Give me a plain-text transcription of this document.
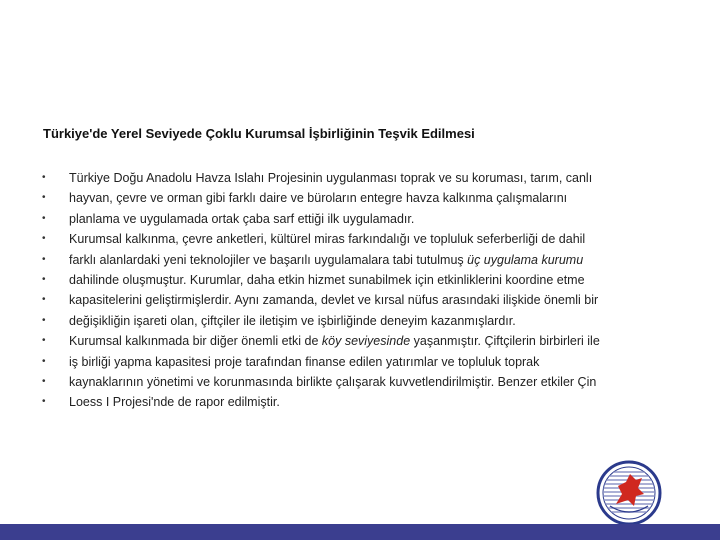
Türkiye'de Yerel Seviyede Çoklu Kurumsal İşbirliğinin Teşvik Edilmesi
•	Türkiye Doğu Anadolu Havza Islahı Projesinin uygulanması toprak ve su koruması, tarım, canlı
•	hayvan, çevre ve orman gibi farklı daire ve büroların entegre havza kalkınma çalışmalarını
•	planlama ve uygulamada ortak çaba sarf ettiği ilk uygulamadır.
•	Kurumsal kalkınma, çevre anketleri, kültürel miras farkındalığı ve topluluk seferberliği de dahil
•	farklı alanlardaki yeni teknolojiler ve başarılı uygulamalara tabi tutulmuş üç uygulama kurumu
•	dahilinde oluşmuştur. Kurumlar, daha etkin hizmet sunabilmek için etkinliklerini koordine etme
•	kapasitelerini geliştirmişlerdir. Aynı zamanda, devlet ve kırsal nüfus arasındaki ilişkide önemli bir
•	değişikliğin işareti olan, çiftçiler ile iletişim ve işbirliğinde deneyim kazanmışlardır.
•	Kurumsal kalkınmada bir diğer önemli etki de köy seviyesinde yaşanmıştır. Çiftçilerin birbirleri ile
•	iş birliği yapma kapasitesi proje tarafından finanse edilen yatırımlar ve topluluk toprak
•	kaynaklarının yönetimi ve korunmasında birlikte çalışarak kuvvetlendirilmiştir. Benzer etkiler Çin
•	Loess I Projesi'nde de rapor edilmiştir.
